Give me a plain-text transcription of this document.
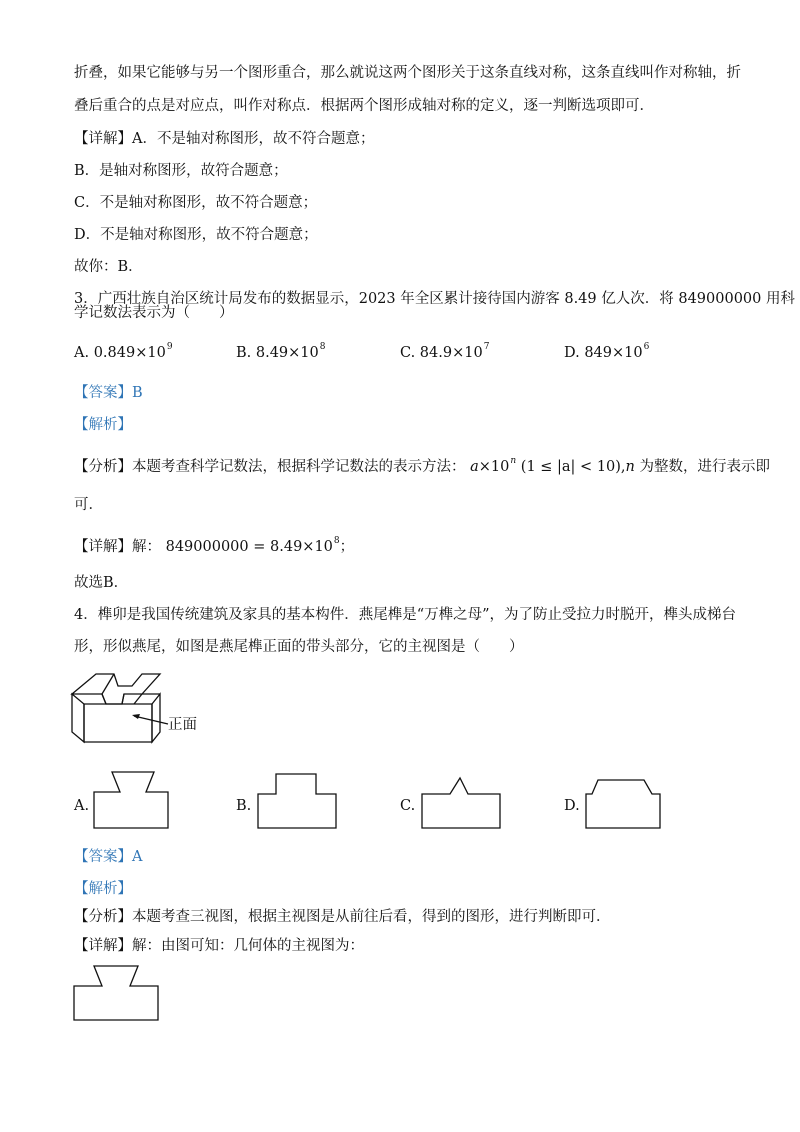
折叠，如果它能够与另一个图形重合，那么就说这两个图形关于这条直线对称，这条直线叫作对称轴，折
叠后重合的点是对应点，叫作对称点．根据两个图形成轴对称的定义，逐一判断选项即可．
【详解】A．不是轴对称图形，故不符合题意；
B．是轴对称图形，故符合题意；
C．不是轴对称图形，故不符合题意；
D．不是轴对称图形，故不符合题意；
故你：B．
3．广西壮族自治区统计局发布的数据显示，2023 年全区累计接待国内游客 8.49 亿人次．将 849000000 用科
学记数法表示为（　　）
A. $0.849\times 10^9$	B. $8.49\times 10^8$	C. $84.9\times 10^7$	D. $849\times 10^6$
【答案】B
【解析】
【分析】本题考查科学记数法，根据科学记数法的表示方法： $a\times 10^n$ (1 ≤ |a| < 10),n 为整数，进行表示即
可．
【详解】解： $849000000 = 8.49\times 10^8$；
故选B．
4．榫卯是我国传统建筑及家具的基本构件．燕尾榫是“万榫之母”，为了防止受拉力时脱开，榫头成梯台
形，形似燕尾，如图是燕尾榫正面的带头部分，它的主视图是（　　）
正面
A.	B.	C.	D.
【答案】A
【解析】
【分析】本题考查三视图，根据主视图是从前往后看，得到的图形，进行判断即可．
【详解】解：由图可知：几何体的主视图为：
